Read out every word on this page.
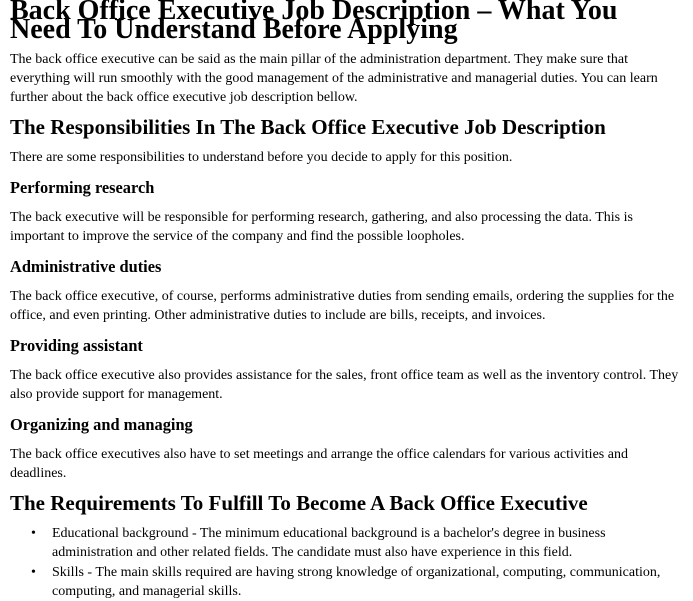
Back Office Executive Job Description – What You Need To Understand Before Applying

The back office executive can be said as the main pillar of the administration department. They make sure that everything will run smoothly with the good management of the administrative and managerial duties. You can learn further about the back office executive job description bellow.

The Responsibilities In The Back Office Executive Job Description

There are some responsibilities to understand before you decide to apply for this position.

Performing research

The back executive will be responsible for performing research, gathering, and also processing the data. This is important to improve the service of the company and find the possible loopholes.

Administrative duties

The back office executive, of course, performs administrative duties from sending emails, ordering the supplies for the office, and even printing. Other administrative duties to include are bills, receipts, and invoices.

Providing assistant

The back office executive also provides assistance for the sales, front office team as well as the inventory control. They also provide support for management.

Organizing and managing

The back office executives also have to set meetings and arrange the office calendars for various activities and deadlines.

The Requirements To Fulfill To Become A Back Office Executive
• Educational background - The minimum educational background is a bachelor's degree in business administration and other related fields. The candidate must also have experience in this field.
• Skills - The main skills required are having strong knowledge of organizational, computing, communication, computing, and managerial skills.
